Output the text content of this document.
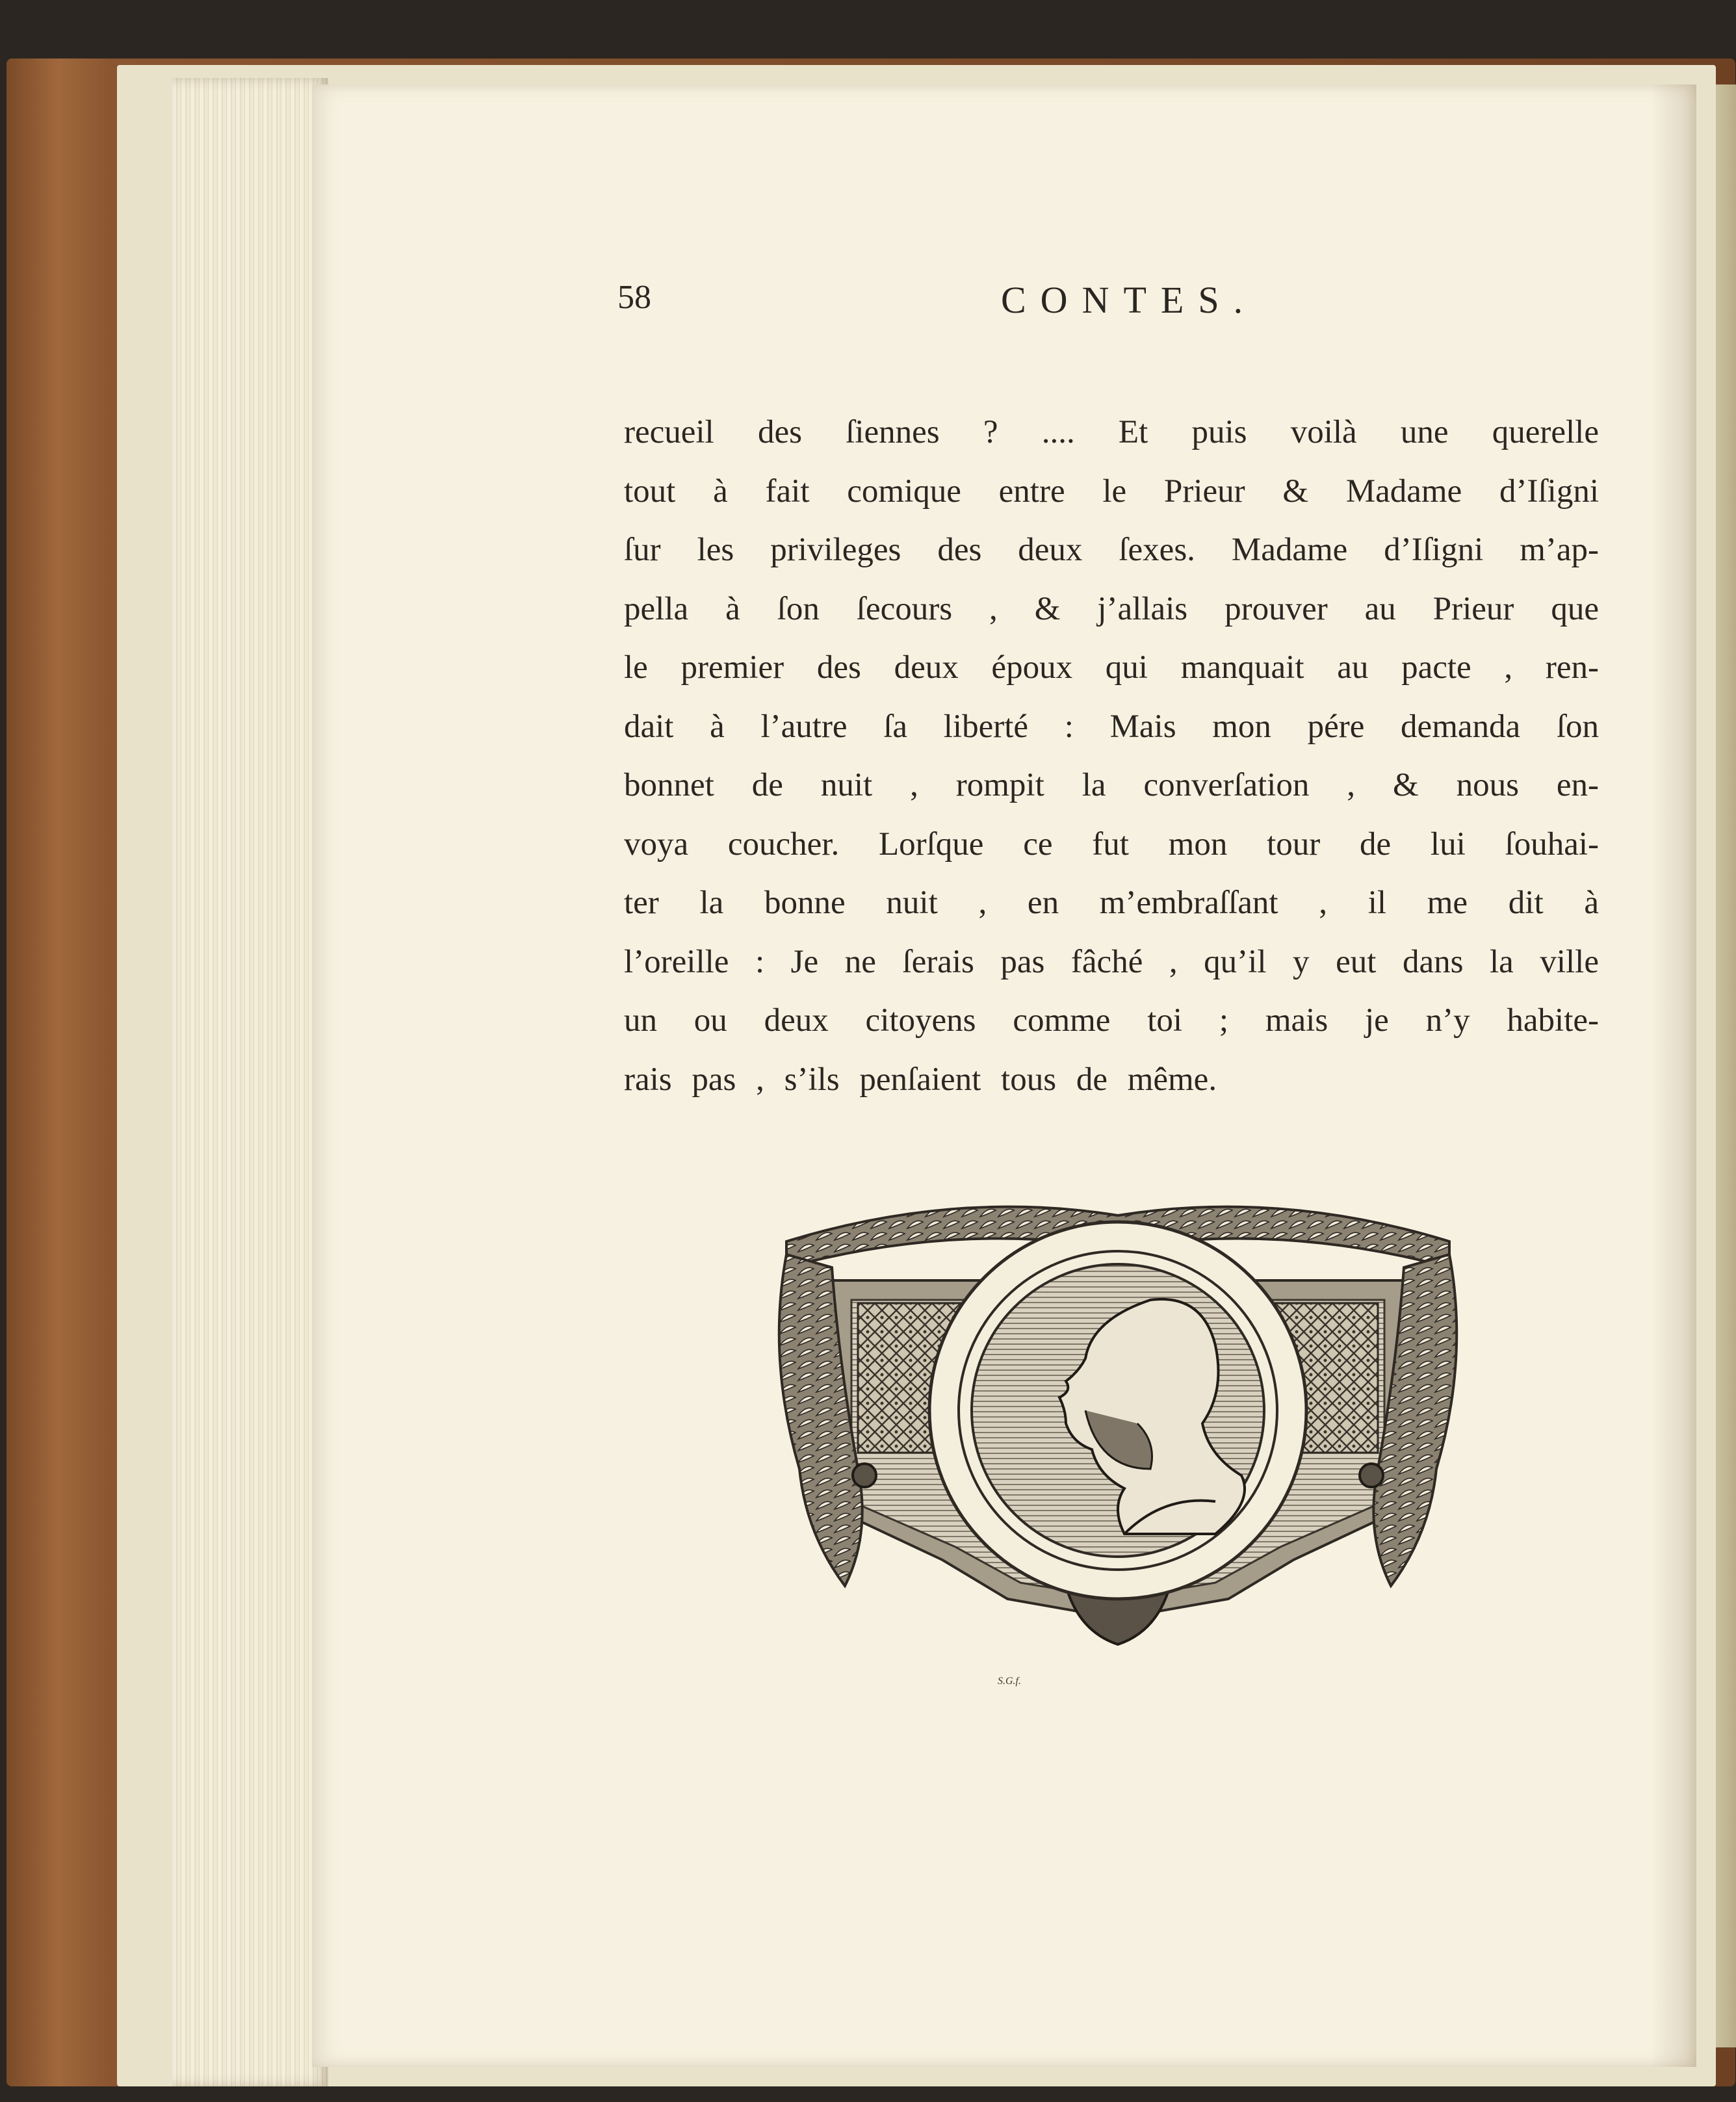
58	CONTES.
recueil des ſiennes ? .... Et puis voilà une querelle
tout à fait comique entre le Prieur & Madame d’Iſigni
ſur les privileges des deux ſexes. Madame d’Iſigni m’ap-
pella à ſon ſecours , & j’allais prouver au Prieur que
le premier des deux époux qui manquait au pacte , ren-
dait à l’autre ſa liberté : Mais mon pére demanda ſon
bonnet de nuit , rompit la converſation , & nous en-
voya coucher. Lorſque ce fut mon tour de lui ſouhai-
ter la bonne nuit , en m’embraſſant , il me dit à
l’oreille : Je ne ſerais pas fâché , qu’il y eut dans la ville
un ou deux citoyens comme toi ; mais je n’y habite-
rais pas , s’ils penſaient tous de même.
S.G.f.
